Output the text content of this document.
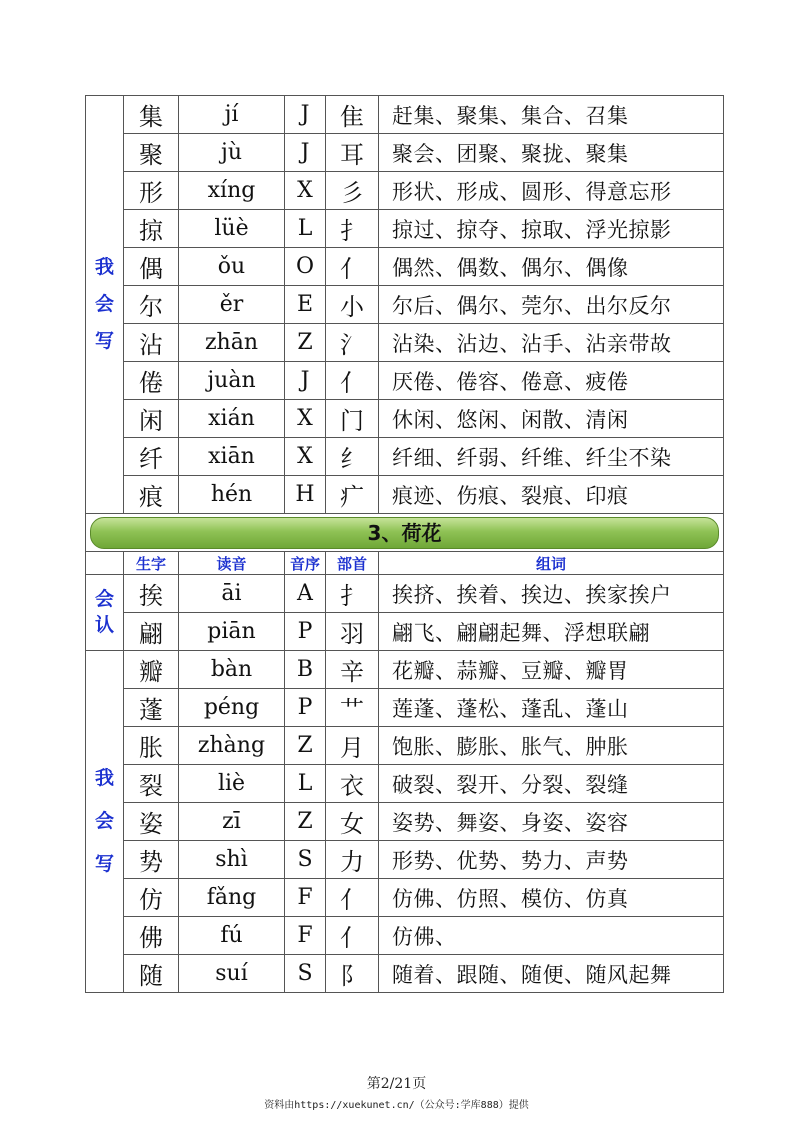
我
会
写	集	jí	J	隹	赶集、聚集、集合、召集
	聚	jù	J	耳	聚会、团聚、聚拢、聚集
	形	xíng	X	彡	形状、形成、圆形、得意忘形
	掠	lüè	L	扌	掠过、掠夺、掠取、浮光掠影
	偶	ǒu	O	亻	偶然、偶数、偶尔、偶像
	尔	ěr	E	小	尔后、偶尔、莞尔、出尔反尔
	沾	zhān	Z	氵	沾染、沾边、沾手、沾亲带故
	倦	juàn	J	亻	厌倦、倦容、倦意、疲倦
	闲	xián	X	门	休闲、悠闲、闲散、清闲
	纤	xiān	X	纟	纤细、纤弱、纤维、纤尘不染
	痕	hén	H	疒	痕迹、伤痕、裂痕、印痕

3、荷花					

	生字	读音	音序	部首	组词

会
认	挨	āi	A	扌	挨挤、挨着、挨边、挨家挨户
	翩	piān	P	羽	翩飞、翩翩起舞、浮想联翩

我
会
写	瓣	bàn	B	辛	花瓣、蒜瓣、豆瓣、瓣胃
	蓬	péng	P	艹	莲蓬、蓬松、蓬乱、蓬山
	胀	zhàng	Z	月	饱胀、膨胀、胀气、肿胀
	裂	liè	L	衣	破裂、裂开、分裂、裂缝
	姿	zī	Z	女	姿势、舞姿、身姿、姿容
	势	shì	S	力	形势、优势、势力、声势
	仿	fǎng	F	亻	仿佛、仿照、模仿、仿真
	佛	fú	F	亻	仿佛、
	随	suí	S	阝	随着、跟随、随便、随风起舞
第2/21页
资料由https://xuekunet.cn/（公众号:学库888）提供
